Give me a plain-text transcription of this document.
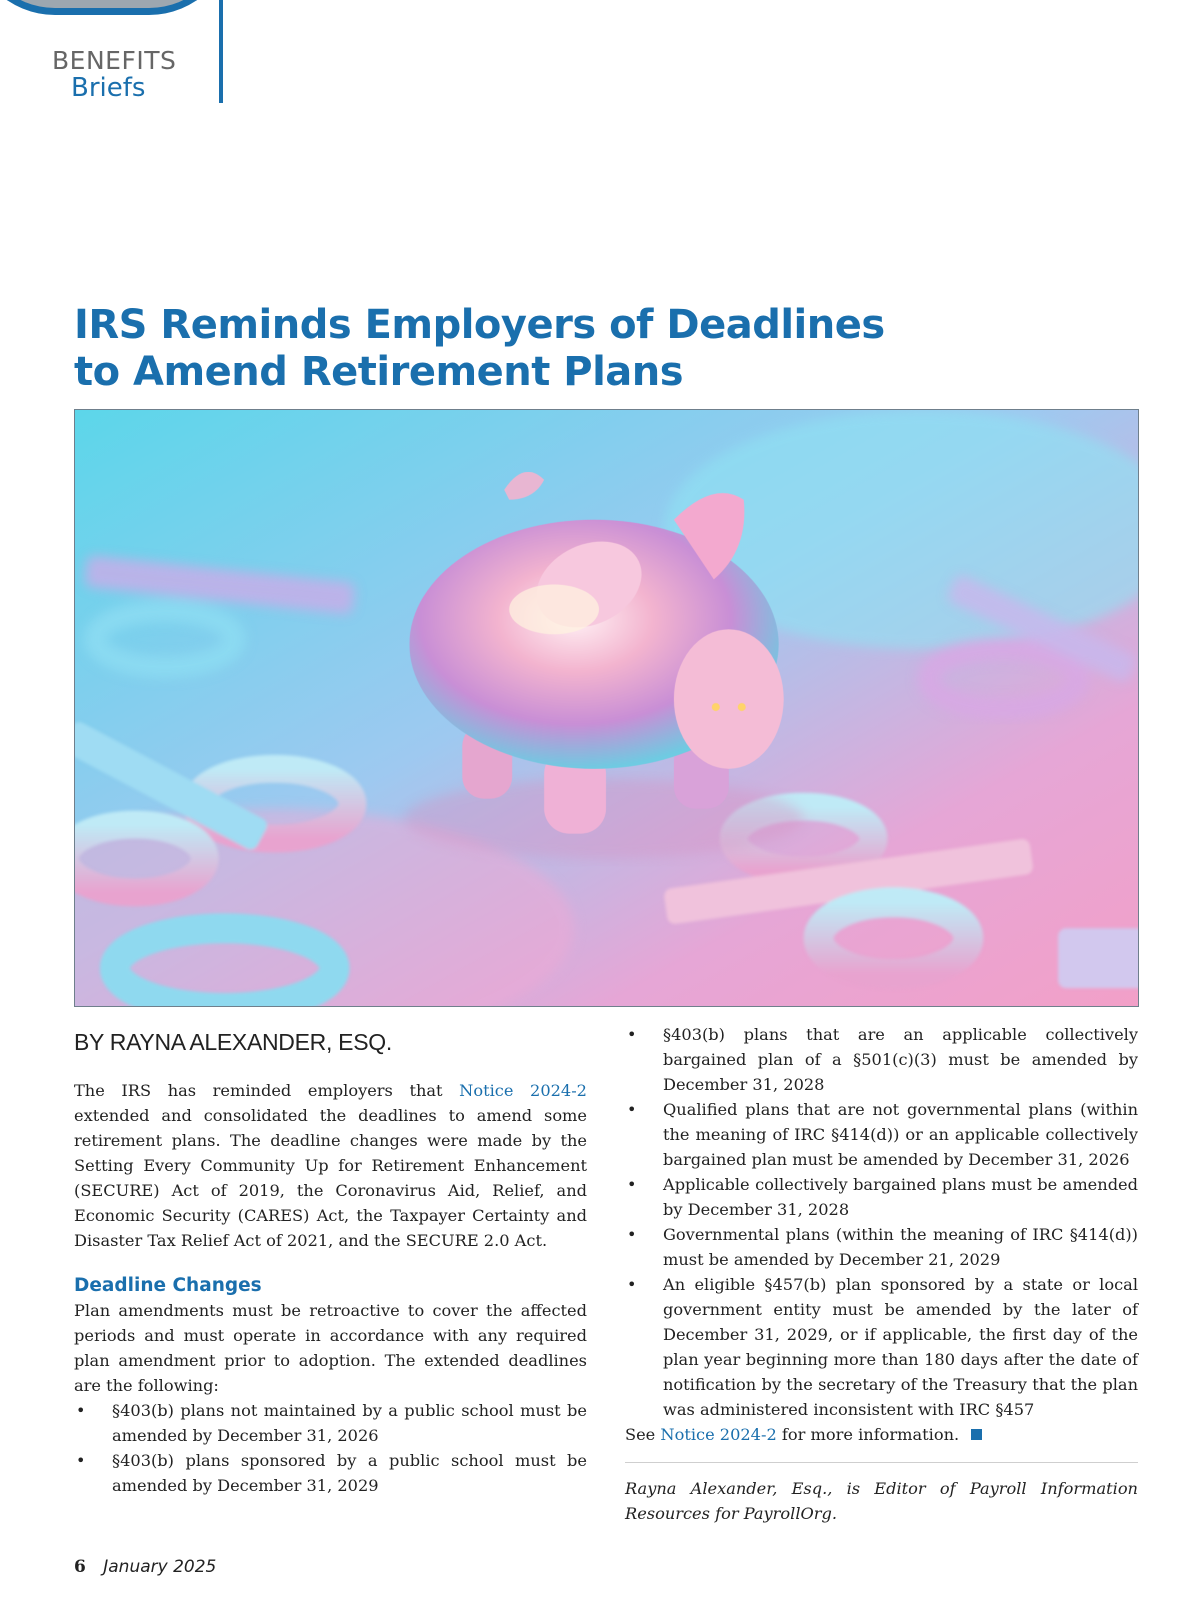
BENEFITS
Briefs
IRS Reminds Employers of Deadlines
to Amend Retirement Plans
BY RAYNA ALEXANDER, ESQ.

The IRS has reminded employers that Notice 2024-2 extended and consolidated the deadlines to amend some retirement plans. The deadline changes were made by the Setting Every Community Up for Retirement Enhancement (SECURE) Act of 2019, the Coronavirus Aid, Relief, and Economic Security (CARES) Act, the Taxpayer Certainty and Disaster Tax Relief Act of 2021, and the SECURE 2.0 Act.

Deadline Changes

Plan amendments must be retroactive to cover the affected periods and must operate in accordance with any required plan amendment prior to adoption. The extended deadlines are the following:

• §403(b) plans not maintained by a public school must be amended by December 31, 2026
• §403(b) plans sponsored by a public school must be amended by December 31, 2029
• §403(b) plans that are an applicable collectively bargained plan of a §501(c)(3) must be amended by December 31, 2028
• Qualified plans that are not governmental plans (within the meaning of IRC §414(d)) or an applicable collectively bargained plan must be amended by December 31, 2026
• Applicable collectively bargained plans must be amended by December 31, 2028
• Governmental plans (within the meaning of IRC §414(d)) must be amended by December 21, 2029
• An eligible §457(b) plan sponsored by a state or local government entity must be amended by the later of December 31, 2029, or if applicable, the first day of the plan year beginning more than 180 days after the date of notification by the secretary of the Treasury that the plan was administered inconsistent with IRC §457

See Notice 2024-2 for more information.

Rayna Alexander, Esq., is Editor of Payroll Information Resources for PayrollOrg.

6 January 2025
